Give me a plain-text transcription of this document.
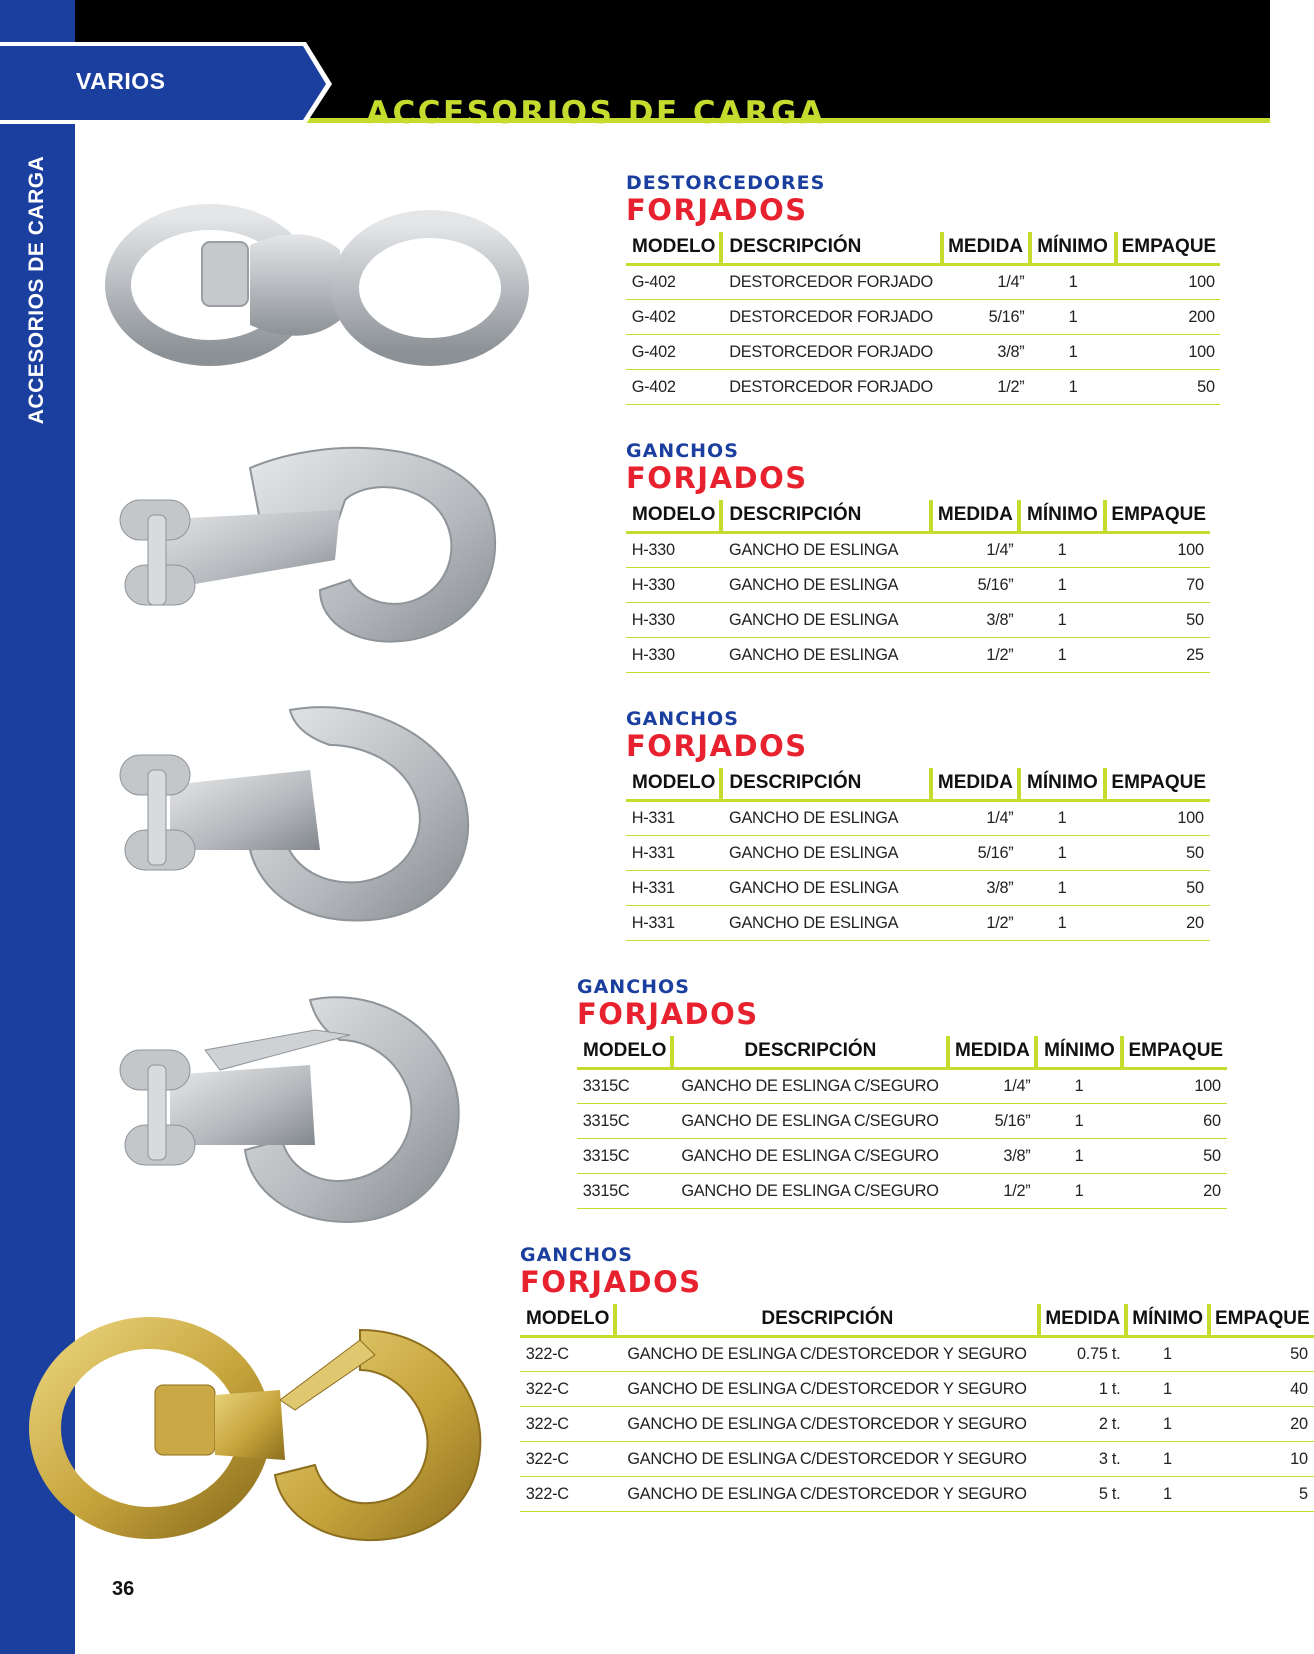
ACCESORIOS DE CARGA
VARIOS
ACCESORIOS DE CARGA
DESTORCEDORES
FORJADOS
MODELO	DESCRIPCIÓN	MEDIDA	MÍNIMO	EMPAQUE
G-402	DESTORCEDOR FORJADO	1/4”	1	100
G-402	DESTORCEDOR FORJADO	5/16”	1	200
G-402	DESTORCEDOR FORJADO	3/8”	1	100
G-402	DESTORCEDOR FORJADO	1/2”	1	50
GANCHOS
FORJADOS
MODELO	DESCRIPCIÓN	MEDIDA	MÍNIMO	EMPAQUE
H-330	GANCHO DE ESLINGA	1/4”	1	100
H-330	GANCHO DE ESLINGA	5/16”	1	70
H-330	GANCHO DE ESLINGA	3/8”	1	50
H-330	GANCHO DE ESLINGA	1/2”	1	25
GANCHOS
FORJADOS
MODELO	DESCRIPCIÓN	MEDIDA	MÍNIMO	EMPAQUE
H-331	GANCHO DE ESLINGA	1/4”	1	100
H-331	GANCHO DE ESLINGA	5/16”	1	50
H-331	GANCHO DE ESLINGA	3/8”	1	50
H-331	GANCHO DE ESLINGA	1/2”	1	20
GANCHOS
FORJADOS
MODELO	DESCRIPCIÓN	MEDIDA	MÍNIMO	EMPAQUE
3315C	GANCHO DE ESLINGA C/SEGURO	1/4”	1	100
3315C	GANCHO DE ESLINGA C/SEGURO	5/16”	1	60
3315C	GANCHO DE ESLINGA C/SEGURO	3/8”	1	50
3315C	GANCHO DE ESLINGA C/SEGURO	1/2”	1	20
GANCHOS
FORJADOS
MODELO	DESCRIPCIÓN	MEDIDA	MÍNIMO	EMPAQUE
322-C	GANCHO DE ESLINGA C/DESTORCEDOR Y SEGURO	0.75 t.	1	50
322-C	GANCHO DE ESLINGA C/DESTORCEDOR Y SEGURO	1 t.	1	40
322-C	GANCHO DE ESLINGA C/DESTORCEDOR Y SEGURO	2 t.	1	20
322-C	GANCHO DE ESLINGA C/DESTORCEDOR Y SEGURO	3 t.	1	10
322-C	GANCHO DE ESLINGA C/DESTORCEDOR Y SEGURO	5 t.	1	5
36
